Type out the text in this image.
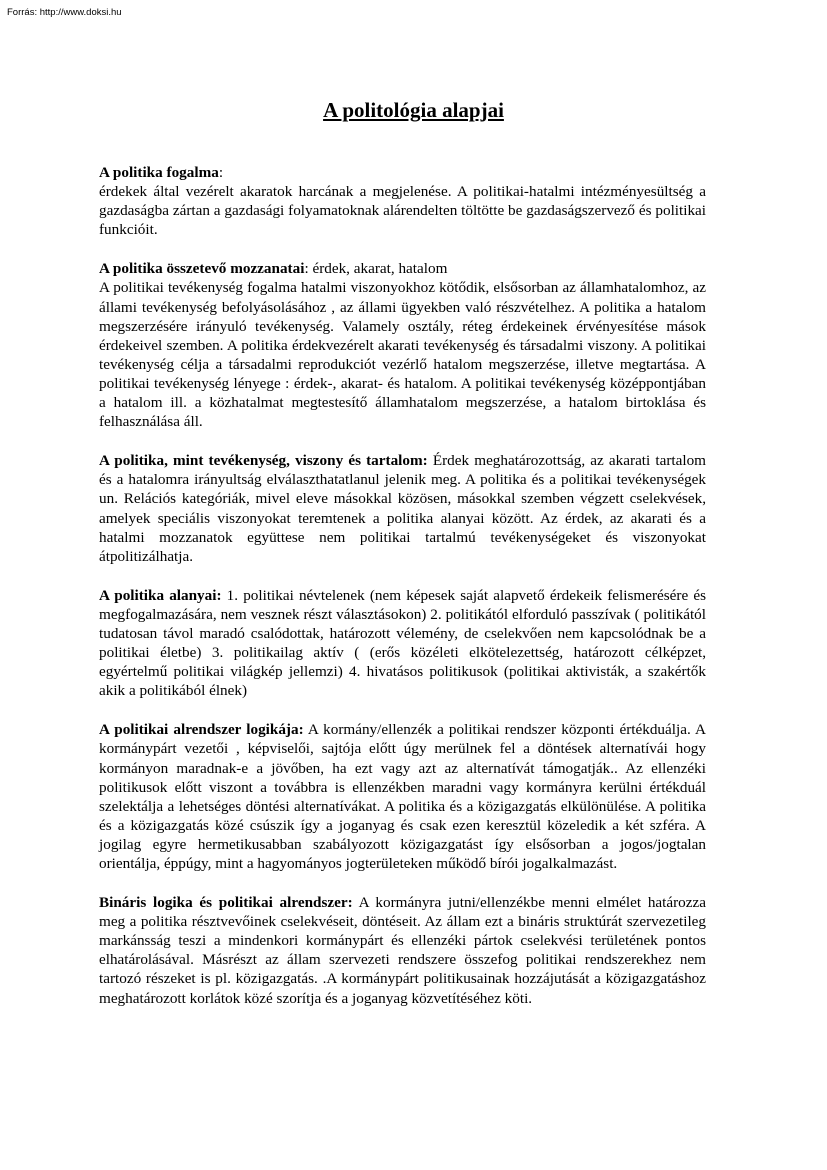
Forrás: http://www.doksi.hu
A politológia alapjai

A politika fogalma:
érdekek által vezérelt akaratok harcának a megjelenése. A politikai-hatalmi intézményesültség a gazdaságba zártan a gazdasági folyamatoknak alárendelten töltötte be gazdaságszervező és politikai funkcióit.

A politika összetevő mozzanatai: érdek, akarat, hatalom
A politikai tevékenység fogalma hatalmi viszonyokhoz kötődik, elsősorban az államhatalomhoz, az állami tevékenység befolyásolásához , az állami ügyekben való részvételhez. A politika a hatalom megszerzésére irányuló tevékenység. Valamely osztály, réteg érdekeinek érvényesítése mások érdekeivel szemben. A politika érdekvezérelt akarati tevékenység és társadalmi viszony. A politikai tevékenység célja a társadalmi reprodukciót vezérlő hatalom megszerzése, illetve megtartása. A politikai tevékenység lényege : érdek-, akarat- és hatalom. A politikai tevékenység középpontjában a hatalom ill. a közhatalmat megtestesítő államhatalom megszerzése, a hatalom birtoklása és felhasználása áll.

A politika, mint tevékenység, viszony és tartalom: Érdek meghatározottság, az akarati tartalom és a hatalomra irányultság elválaszthatatlanul jelenik meg. A politika és a politikai tevékenységek un. Relációs kategóriák, mivel eleve másokkal közösen, másokkal szemben végzett cselekvések, amelyek speciális viszonyokat teremtenek a politika alanyai között. Az érdek, az akarati és a hatalmi mozzanatok együttese nem politikai tartalmú tevékenységeket és viszonyokat átpolitizálhatja.

A politika alanyai: 1. politikai névtelenek (nem képesek saját alapvető érdekeik felismerésére és megfogalmazására, nem vesznek részt választásokon) 2. politikától elforduló passzívak ( politikától tudatosan távol maradó csalódottak, határozott vélemény, de cselekvően nem kapcsolódnak be a politikai életbe) 3. politikailag aktív ( (erős közéleti elkötelezettség, határozott célképzet, egyértelmű politikai világkép jellemzi) 4. hivatásos politikusok (politikai aktivisták, a szakértők akik a politikából élnek)

A politikai alrendszer logikája: A kormány/ellenzék a politikai rendszer központi értékduálja. A kormánypárt vezetői , képviselői, sajtója előtt úgy merülnek fel a döntések alternatívái hogy kormányon maradnak-e a jövőben, ha ezt vagy azt az alternatívát támogatják.. Az ellenzéki politikusok előtt viszont a továbbra is ellenzékben maradni vagy kormányra kerülni értékduál szelektálja a lehetséges döntési alternatívákat. A politika és a közigazgatás elkülönülése. A politika és a közigazgatás közé csúszik így a joganyag és csak ezen keresztül közeledik a két szféra. A jogilag egyre hermetikusabban szabályozott közigazgatást így elsősorban a jogos/jogtalan orientálja, éppúgy, mint a hagyományos jogterületeken működő bírói jogalkalmazást.

Bináris logika és politikai alrendszer: A kormányra jutni/ellenzékbe menni elmélet határozza meg a politika résztvevőinek cselekvéseit, döntéseit. Az állam ezt a bináris struktúrát szervezetileg markánsság teszi a mindenkori kormánypárt és ellenzéki pártok cselekvési területének pontos elhatárolásával. Másrészt az állam szervezeti rendszere összefog politikai rendszerekhez nem tartozó részeket is pl. közigazgatás. .A kormánypárt politikusainak hozzájutását a közigazgatáshoz meghatározott korlátok közé szorítja és a joganyag közvetítéséhez köti.
